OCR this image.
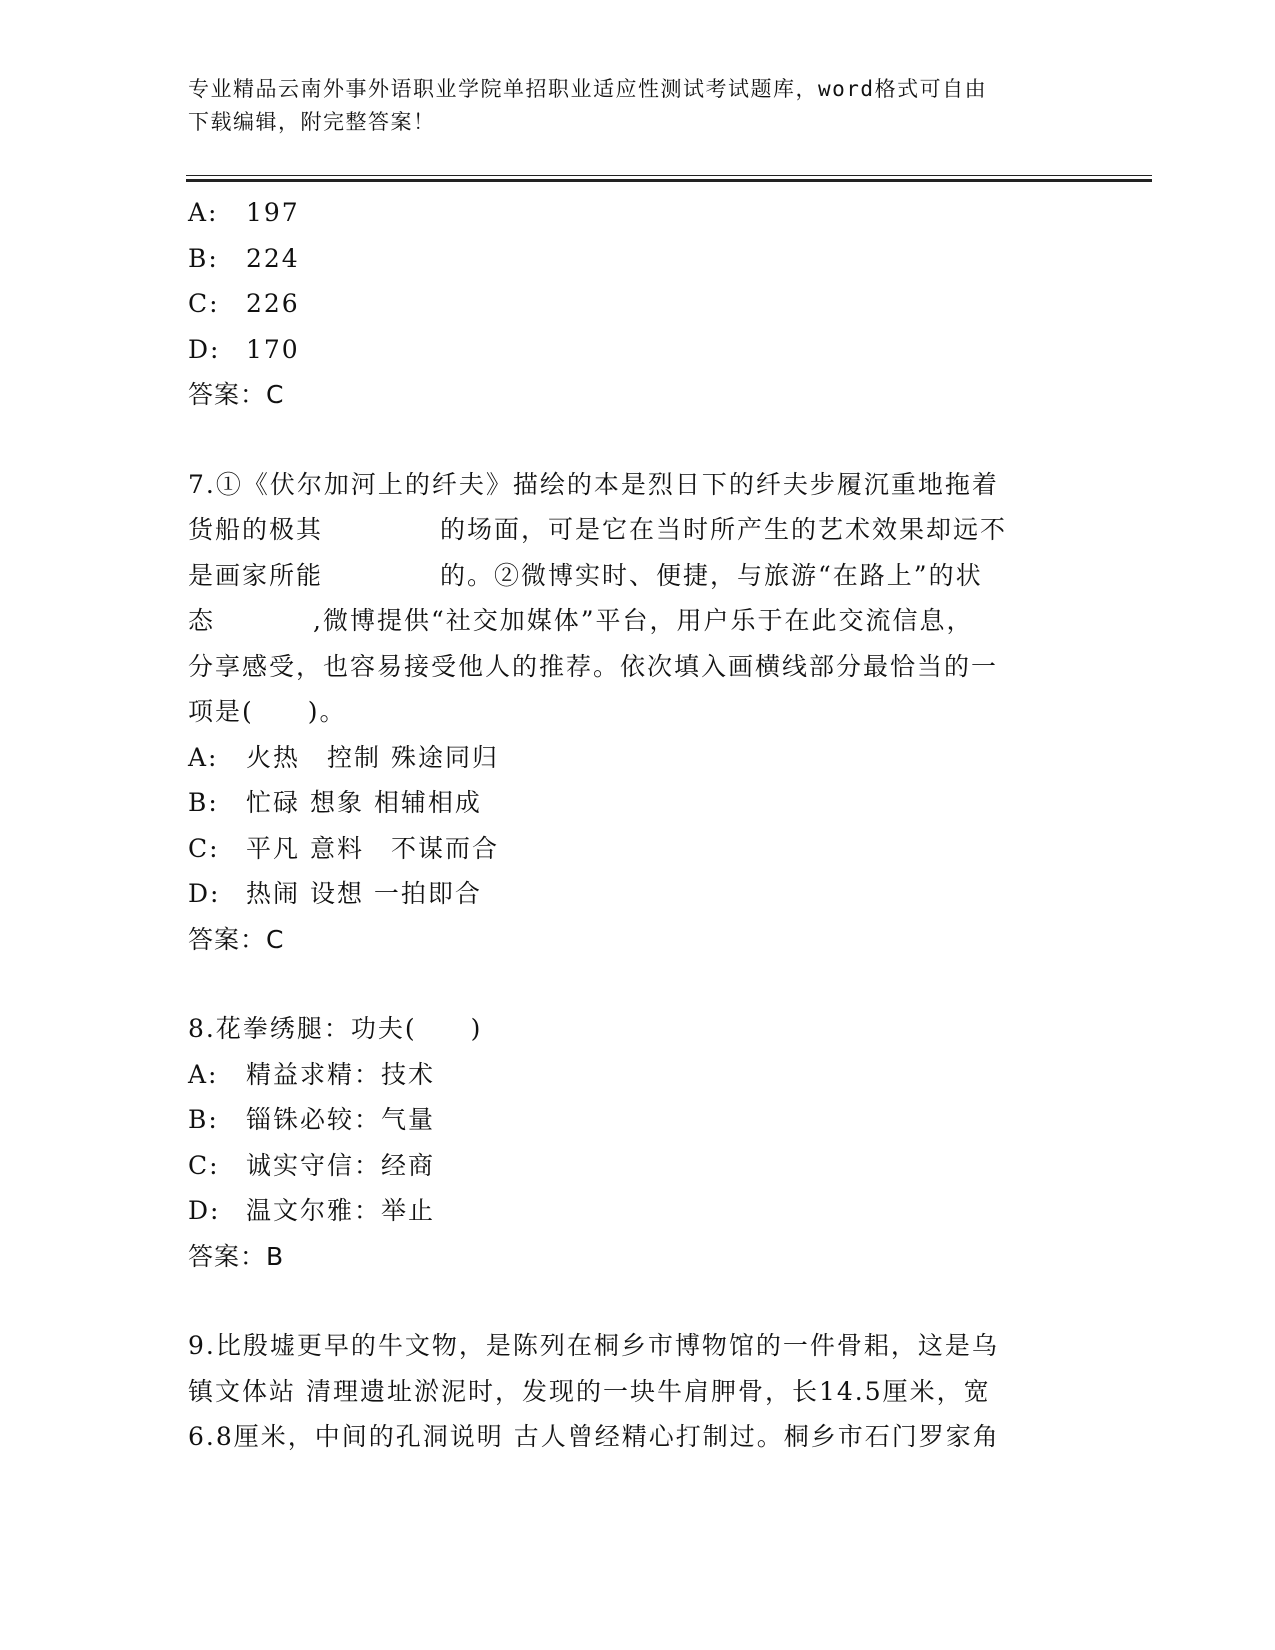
专业精品云南外事外语职业学院单招职业适应性测试考试题库，word格式可自由
下载编辑，附完整答案！
A: 197
B: 224
C: 226
D: 170
答案：C
7.①《伏尔加河上的纤夫》描绘的本是烈日下的纤夫步履沉重地拖着
货船的极其	的场面，可是它在当时所产生的艺术效果却远不
是画家所能	的。②微博实时、便捷，与旅游“在路上”的状
态	,微博提供“社交加媒体”平台，用户乐于在此交流信息，
分享感受，也容易接受他人的推荐。依次填入画横线部分最恰当的一
项是(　　)。
A: 火热　控制 殊途同归
B: 忙碌 想象 相辅相成
C: 平凡 意料　不谋而合
D: 热闹 设想 一拍即合
答案：C
8.花拳绣腿：功夫(　　)
A: 精益求精：技术
B: 锱铢必较：气量
C: 诚实守信：经商
D: 温文尔雅：举止
答案：B
9.比殷墟更早的牛文物，是陈列在桐乡市博物馆的一件骨耜，这是乌
镇文体站 清理遗址淤泥时，发现的一块牛肩胛骨，长14.5厘米，宽
6.8厘米，中间的孔洞说明 古人曾经精心打制过。桐乡市石门罗家角
